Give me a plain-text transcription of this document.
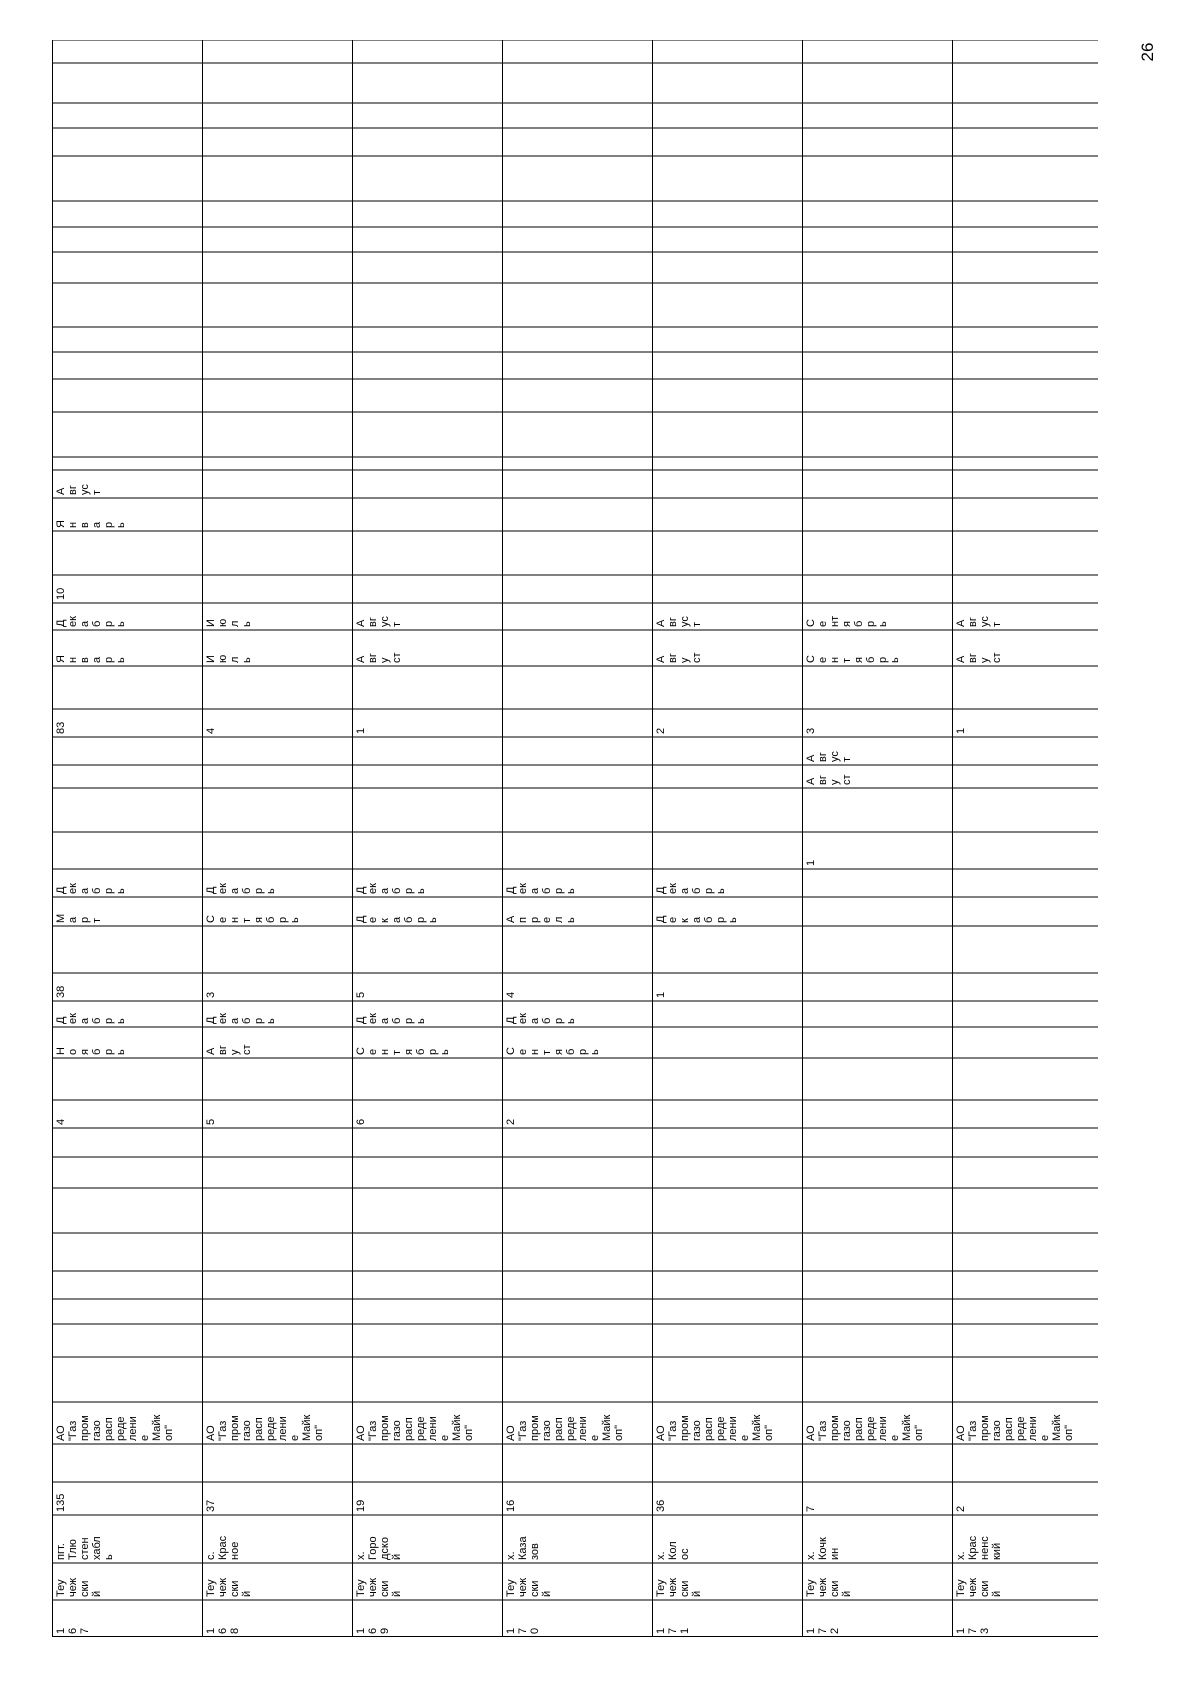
26
1
6
7
Теу
чеж
ски
й
пгт.
Тлю
стен
хабл
ь
135
АО
"Газ
пром
газо
расп
реде
лени
е
Майк
оп"
4
Н
о
я
б
р
ь
Д
ек
а
б
р
ь
38
М
а
р
т
Д
ек
а
б
р
ь
83
Я
н
в
а
р
ь
Д
ек
а
б
р
ь
10
Я
н
в
а
р
ь
А
вг
ус
т
1
6
8
Теу
чеж
ски
й
с.
Крас
ное
37
АО
"Газ
пром
газо
расп
реде
лени
е
Майк
оп"
5
А
вг
у
ст
Д
ек
а
б
р
ь
3
С
е
н
т
я
б
р
ь
Д
ек
а
б
р
ь
4
И
ю
л
ь
И
ю
л
ь
1
6
9
Теу
чеж
ски
й
х.
Горо
дско
й
19
АО
"Газ
пром
газо
расп
реде
лени
е
Майк
оп"
6
С
е
н
т
я
б
р
ь
Д
ек
а
б
р
ь
5
Д
е
к
а
б
р
ь
Д
ек
а
б
р
ь
1
А
вг
у
ст
А
вг
ус
т
1
7
0
Теу
чеж
ски
й
х.
Каза
зов
16
АО
"Газ
пром
газо
расп
реде
лени
е
Майк
оп"
2
С
е
н
т
я
б
р
ь
Д
ек
а
б
р
ь
4
А
п
р
е
л
ь
Д
ек
а
б
р
ь
1
7
1
Теу
чеж
ски
й
х.
Кол
ос
36
АО
"Газ
пром
газо
расп
реде
лени
е
Майк
оп"
1
Д
е
к
а
б
р
ь
Д
ек
а
б
р
ь
2
А
вг
у
ст
А
вг
ус
т
1
7
2
Теу
чеж
ски
й
х.
Кочк
ин
7
АО
"Газ
пром
газо
расп
реде
лени
е
Майк
оп"
1
А
вг
у
ст
А
вг
ус
т
3
С
е
н
т
я
б
р
ь
С
е
нт
я
б
р
ь
1
7
3
Теу
чеж
ски
й
х.
Крас
ненс
кий
2
АО
"Газ
пром
газо
расп
реде
лени
е
Майк
оп"
1
А
вг
у
ст
А
вг
ус
т
